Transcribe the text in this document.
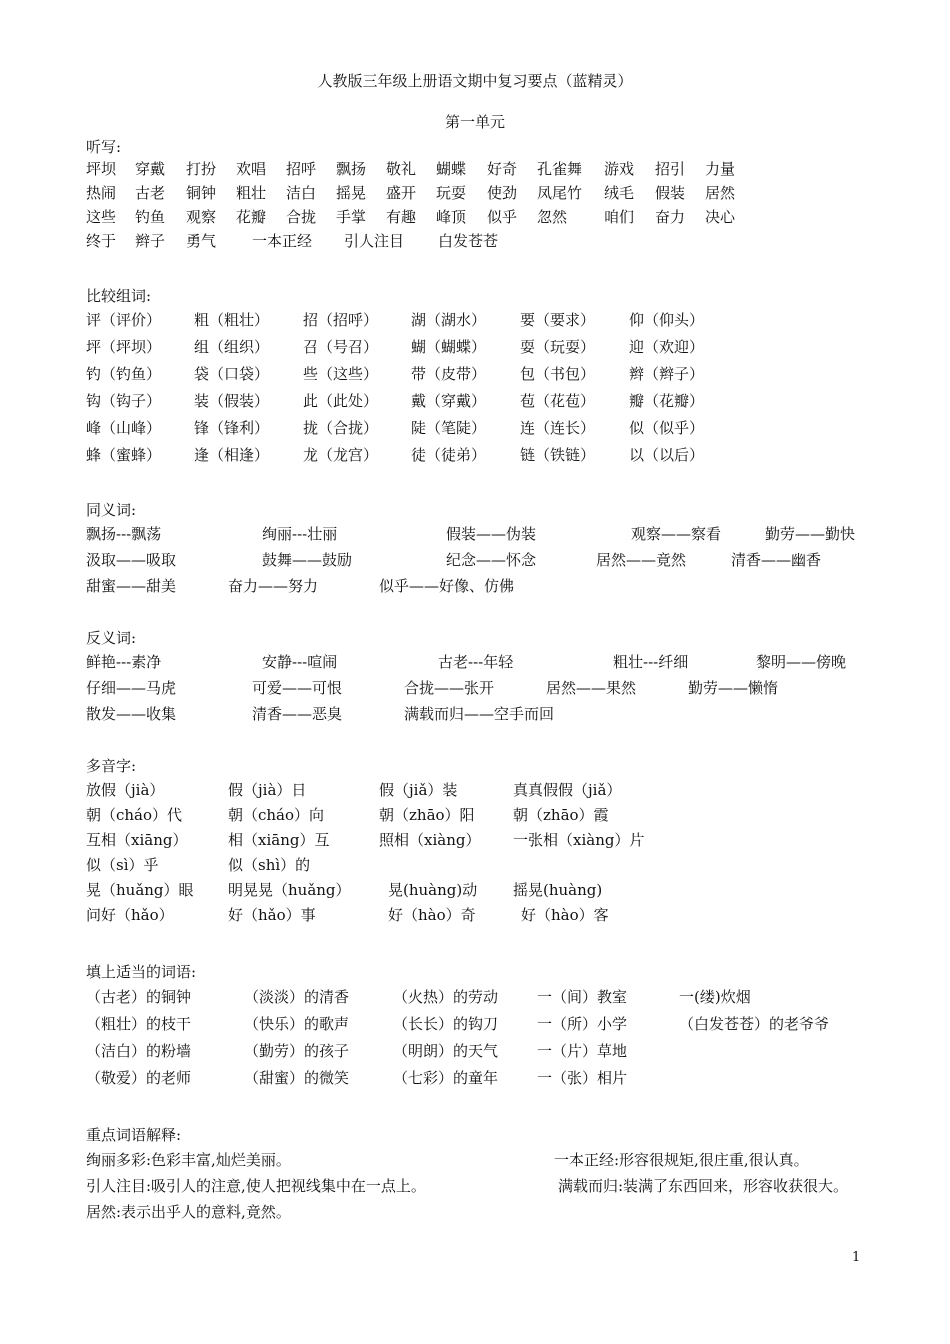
人教版三年级上册语文期中复习要点（蓝精灵）
第一单元
听写:
坪坝 穿戴 打扮 欢唱 招呼 飘扬 敬礼 蝴蝶 好奇 孔雀舞 游戏 招引 力量
热闹 古老 铜钟 粗壮 洁白 摇晃 盛开 玩耍 使劲 凤尾竹 绒毛 假装 居然
这些 钓鱼 观察 花瓣 合拢 手掌 有趣 峰顶 似乎 忽然 咱们 奋力 决心
终于 辫子 勇气 一本正经 引人注目 白发苍苍
比较组词:
评（评价） 粗（粗壮） 招（招呼） 湖（湖水） 要（要求） 仰（仰头）
坪（坪坝） 组（组织） 召（号召） 蝴（蝴蝶） 耍（玩耍） 迎（欢迎）
钓（钓鱼） 袋（口袋） 些（这些） 带（皮带） 包（书包） 辫（辫子）
钩（钩子） 装（假装） 此（此处） 戴（穿戴） 苞（花苞） 瓣（花瓣）
峰（山峰） 锋（锋利） 拢（合拢） 陡（笔陡） 连（连长） 似（似乎）
蜂（蜜蜂） 逢（相逢） 龙（龙宫） 徒（徒弟） 链（铁链） 以（以后）
同义词:
飘扬---飘荡	绚丽---壮丽	假装——伪装	观察——察看	勤劳——勤快
汲取——吸取	鼓舞——鼓励	纪念——怀念	居然——竟然	清香——幽香
甜蜜——甜美	奋力——努力	似乎——好像、仿佛
反义词:
鲜艳---素净	安静---喧闹	古老---年轻	粗壮---纤细	黎明——傍晚
仔细——马虎	可爱——可恨	合拢——张开	居然——果然	勤劳——懒惰
散发——收集	清香——恶臭	满载而归——空手而回
多音字:
放假（jià）	假（jià）日	假（jiǎ）装	真真假假（jiǎ）
朝（cháo）代	朝（cháo）向	朝（zhāo）阳	朝（zhāo）霞
互相（xiāng）	相（xiāng）互	照相（xiàng） 一张相（xiàng）片
似（sì）乎	似（shì）的
晃（huǎng）眼 明晃晃（huǎng） 晃(huàng)动 摇晃(huàng)
问好（hǎo）	好（hǎo）事	好（hào）奇	好（hào）客
填上适当的词语:
（古老）的铜钟	（淡淡）的清香	（火热）的劳动	一（间）教室	一(缕)炊烟
（粗壮）的枝干	（快乐）的歌声	（长长）的钩刀	一（所）小学	（白发苍苍）的老爷爷
（洁白）的粉墙	（勤劳）的孩子	（明朗）的天气	一（片）草地
（敬爱）的老师	（甜蜜）的微笑	（七彩）的童年	一（张）相片
重点词语解释:
绚丽多彩:色彩丰富,灿烂美丽。	一本正经:形容很规矩,很庄重,很认真。
引人注目:吸引人的注意,使人把视线集中在一点上。	满载而归:装满了东西回来，形容收获很大。
居然:表示出乎人的意料,竟然。
1
